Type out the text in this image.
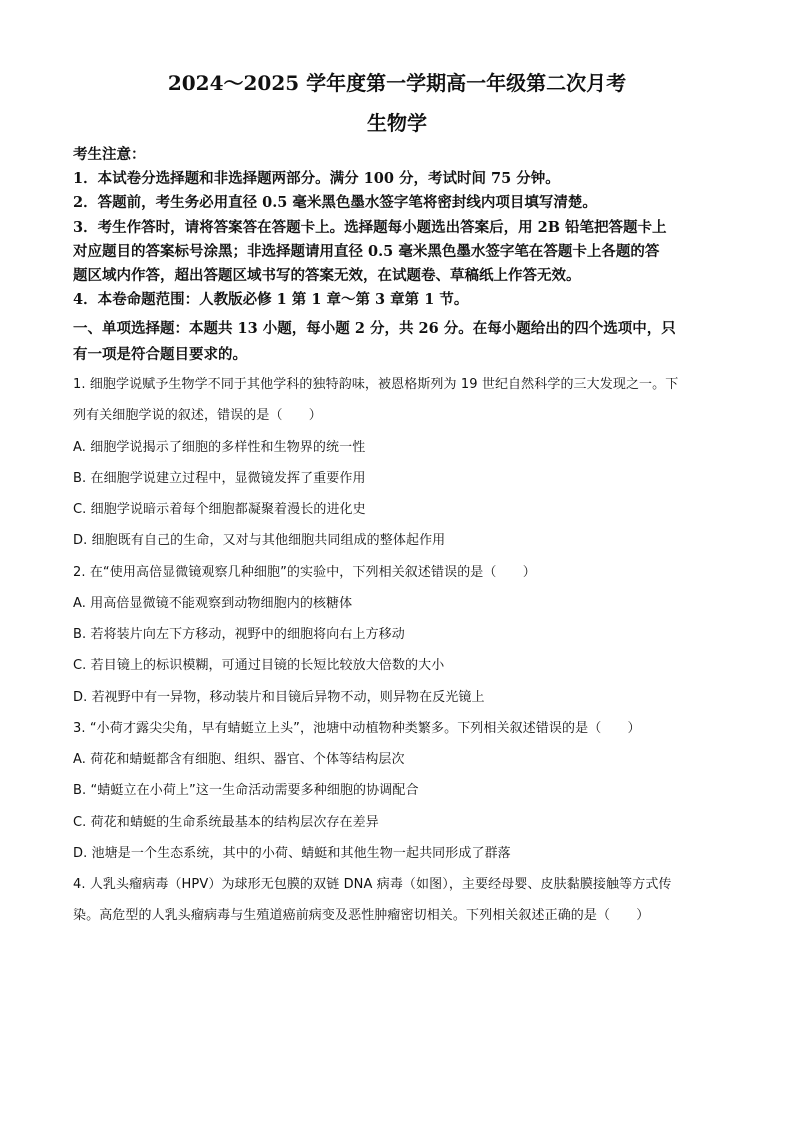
2024～2025 学年度第一学期高一年级第二次月考
生物学
考生注意：
1．本试卷分选择题和非选择题两部分。满分 100 分，考试时间 75 分钟。
2．答题前，考生务必用直径 0.5 毫米黑色墨水签字笔将密封线内项目填写清楚。
3．考生作答时，请将答案答在答题卡上。选择题每小题选出答案后，用 2B 铅笔把答题卡上
对应题目的答案标号涂黑；非选择题请用直径 0.5 毫米黑色墨水签字笔在答题卡上各题的答
题区域内作答，超出答题区域书写的答案无效，在试题卷、草稿纸上作答无效。
4．本卷命题范围：人教版必修 1 第 1 章～第 3 章第 1 节。
一、单项选择题：本题共 13 小题，每小题 2 分，共 26 分。在每小题给出的四个选项中，只
有一项是符合题目要求的。
1. 细胞学说赋予生物学不同于其他学科的独特韵味，被恩格斯列为 19 世纪自然科学的三大发现之一。下
列有关细胞学说的叙述，错误的是（　　）
A. 细胞学说揭示了细胞的多样性和生物界的统一性
B. 在细胞学说建立过程中，显微镜发挥了重要作用
C. 细胞学说暗示着每个细胞都凝聚着漫长的进化史
D. 细胞既有自己的生命，又对与其他细胞共同组成的整体起作用
2. 在“使用高倍显微镜观察几种细胞”的实验中，下列相关叙述错误的是（　　）
A. 用高倍显微镜不能观察到动物细胞内的核糖体
B. 若将装片向左下方移动，视野中的细胞将向右上方移动
C. 若目镜上的标识模糊，可通过目镜的长短比较放大倍数的大小
D. 若视野中有一异物，移动装片和目镜后异物不动，则异物在反光镜上
3. “小荷才露尖尖角，早有蜻蜓立上头”，池塘中动植物种类繁多。下列相关叙述错误的是（　　）
A. 荷花和蜻蜓都含有细胞、组织、器官、个体等结构层次
B. “蜻蜓立在小荷上”这一生命活动需要多种细胞的协调配合
C. 荷花和蜻蜓的生命系统最基本的结构层次存在差异
D. 池塘是一个生态系统，其中的小荷、蜻蜓和其他生物一起共同形成了群落
4. 人乳头瘤病毒（HPV）为球形无包膜的双链 DNA 病毒（如图），主要经母婴、皮肤黏膜接触等方式传
染。高危型的人乳头瘤病毒与生殖道癌前病变及恶性肿瘤密切相关。下列相关叙述正确的是（　　）
